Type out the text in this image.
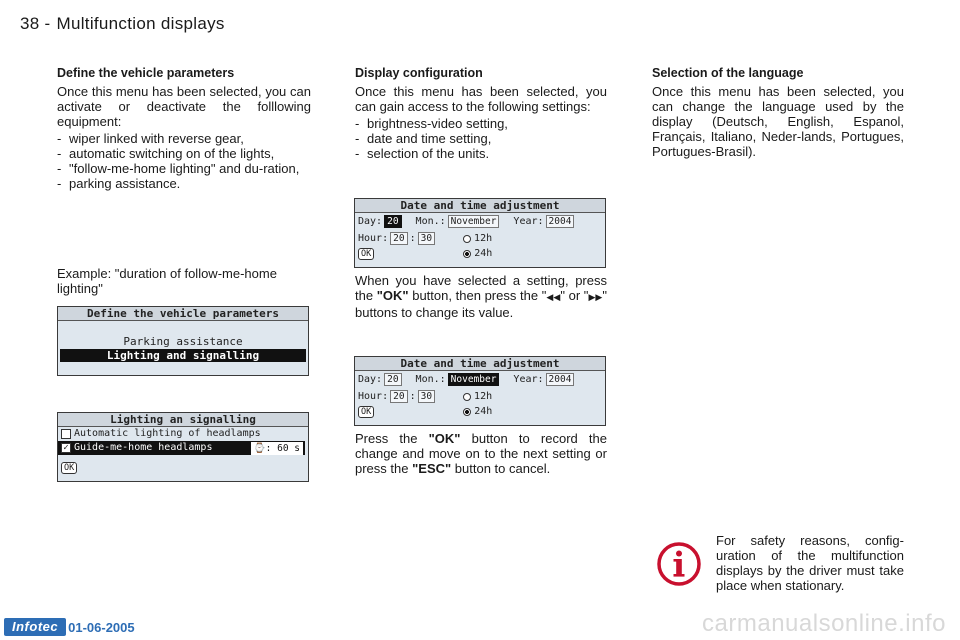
38 - Multifunction displays
Define the vehicle parameters
Once this menu has been selected, you can activate or deactivate the folllowing equipment:
- wiper linked with reverse gear,
- automatic switching on of the lights,
- "follow-me-home lighting" and du-ration,
- parking assistance.
Example: "duration of follow-me-home lighting"
Define the vehicle parameters
Parking assistance
Lighting and signalling
Lighting an signalling
Automatic lighting of headlamps
✓ Guide-me-home headlamps	⌚: 60 s
OK
Display configuration
Once this menu has been selected, you can gain access to the following settings:
- brightness-video setting,
- date and time setting,
- selection of the units.
Date and time adjustment
Day: 20	Mon.: November	Year: 2004
Hour: 20 : 30	12h
OK	24h
When you have selected a setting, press the "OK" button, then press the "◀◀" or "▶▶" buttons to change its value.
Date and time adjustment
Day: 20	Mon.: November	Year: 2004
Hour: 20 : 30	12h
OK	24h
Press the "OK" button to record the change and move on to the next setting or press the "ESC" button to cancel.
Selection of the language
Once this menu has been selected, you can change the language used by the display (Deutsch, English, Espanol, Français, Italiano, Neder-lands, Portugues, Portugues-Brasil).
For safety reasons, config-uration of the multifunction displays by the driver must take place when stationary.
Infotec 01-06-2005	carmanualsonline.info
